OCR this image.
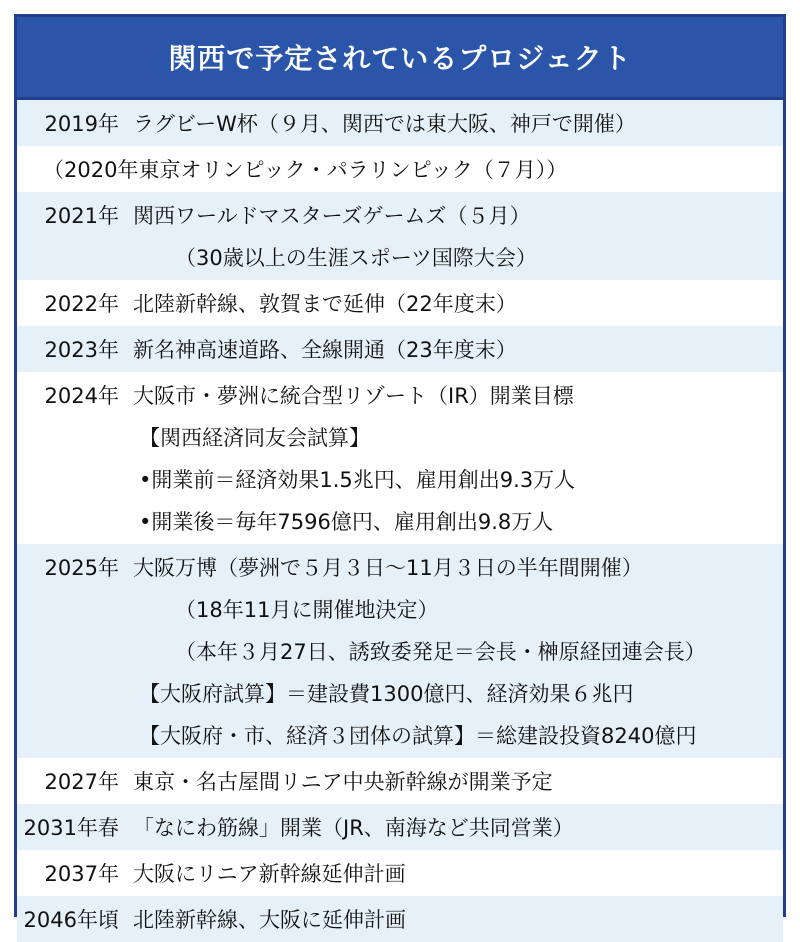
関西で予定されているプロジェクト
2019年 ラグビーW杯（９月、関西では東大阪、神戸で開催）
（2020年東京オリンピック・パラリンピック（７月））
2021年 関西ワールドマスターズゲームズ（５月）
（30歳以上の生涯スポーツ国際大会）
2022年 北陸新幹線、敦賀まで延伸（22年度末）
2023年 新名神高速道路、全線開通（23年度末）
2024年 大阪市・夢洲に統合型リゾート（IR）開業目標
【関西経済同友会試算】
•開業前＝経済効果1.5兆円、雇用創出9.3万人
•開業後＝毎年7596億円、雇用創出9.8万人
2025年 大阪万博（夢洲で５月３日～11月３日の半年間開催）
（18年11月に開催地決定）
（本年３月27日、誘致委発足＝会長・榊原経団連会長）
【大阪府試算】＝建設費1300億円、経済効果６兆円
【大阪府・市、経済３団体の試算】＝総建設投資8240億円
2027年 東京・名古屋間リニア中央新幹線が開業予定
2031年春 「なにわ筋線」開業（JR、南海など共同営業）
2037年 大阪にリニア新幹線延伸計画
2046年頃 北陸新幹線、大阪に延伸計画
